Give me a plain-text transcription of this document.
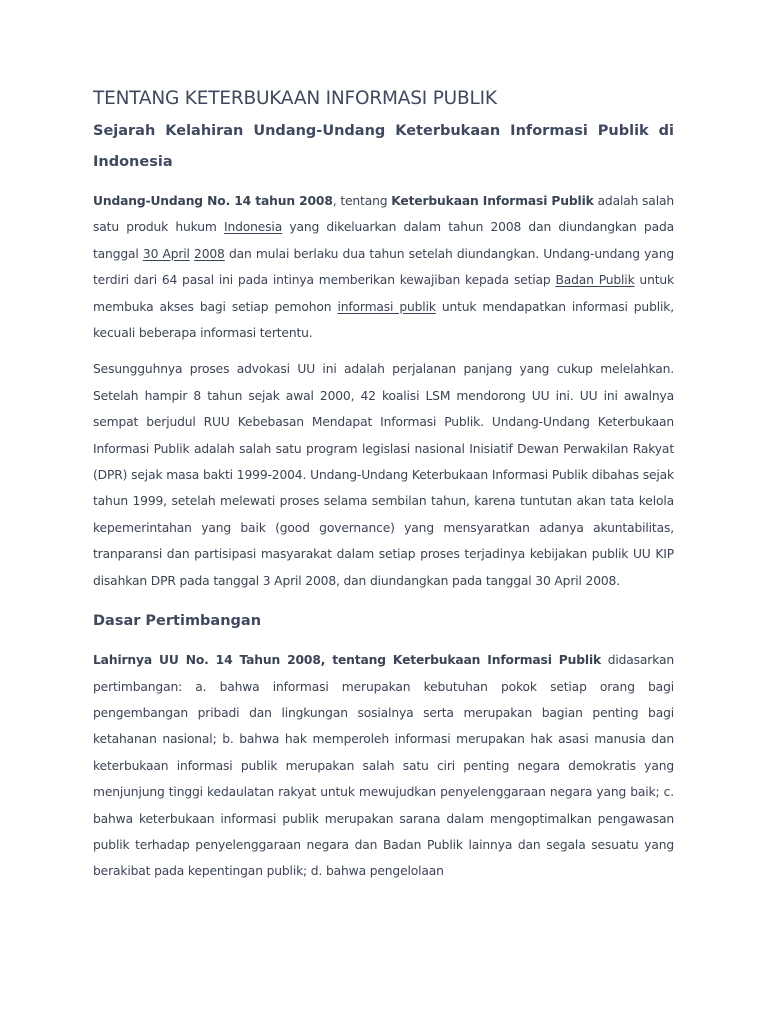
TENTANG KETERBUKAAN INFORMASI PUBLIK
Sejarah Kelahiran Undang-Undang Keterbukaan Informasi Publik di Indonesia

Undang-Undang No. 14 tahun 2008, tentang Keterbukaan Informasi Publik adalah salah satu produk hukum Indonesia yang dikeluarkan dalam tahun 2008 dan diundangkan pada tanggal 30 April 2008 dan mulai berlaku dua tahun setelah diundangkan. Undang-undang yang terdiri dari 64 pasal ini pada intinya memberikan kewajiban kepada setiap Badan Publik untuk membuka akses bagi setiap pemohon informasi publik untuk mendapatkan informasi publik, kecuali beberapa informasi tertentu.

Sesungguhnya proses advokasi UU ini adalah perjalanan panjang yang cukup melelahkan. Setelah hampir 8 tahun sejak awal 2000, 42 koalisi LSM mendorong UU ini. UU ini awalnya sempat berjudul RUU Kebebasan Mendapat Informasi Publik. Undang-Undang Keterbukaan Informasi Publik adalah salah satu program legislasi nasional Inisiatif Dewan Perwakilan Rakyat (DPR) sejak masa bakti 1999-2004. Undang-Undang Keterbukaan Informasi Publik dibahas sejak tahun 1999, setelah melewati proses selama sembilan tahun, karena tuntutan akan tata kelola kepemerintahan yang baik (good governance) yang mensyaratkan adanya akuntabilitas, tranparansi dan partisipasi masyarakat dalam setiap proses terjadinya kebijakan publik UU KIP disahkan DPR pada tanggal 3 April 2008, dan diundangkan pada tanggal 30 April 2008.

Dasar Pertimbangan

Lahirnya UU No. 14 Tahun 2008, tentang Keterbukaan Informasi Publik didasarkan pertimbangan: a. bahwa informasi merupakan kebutuhan pokok setiap orang bagi pengembangan pribadi dan lingkungan sosialnya serta merupakan bagian penting bagi ketahanan nasional; b. bahwa hak memperoleh informasi merupakan hak asasi manusia dan keterbukaan informasi publik merupakan salah satu ciri penting negara demokratis yang menjunjung tinggi kedaulatan rakyat untuk mewujudkan penyelenggaraan negara yang baik; c. bahwa keterbukaan informasi publik merupakan sarana dalam mengoptimalkan pengawasan publik terhadap penyelenggaraan negara dan Badan Publik lainnya dan segala sesuatu yang berakibat pada kepentingan publik; d. bahwa pengelolaan
